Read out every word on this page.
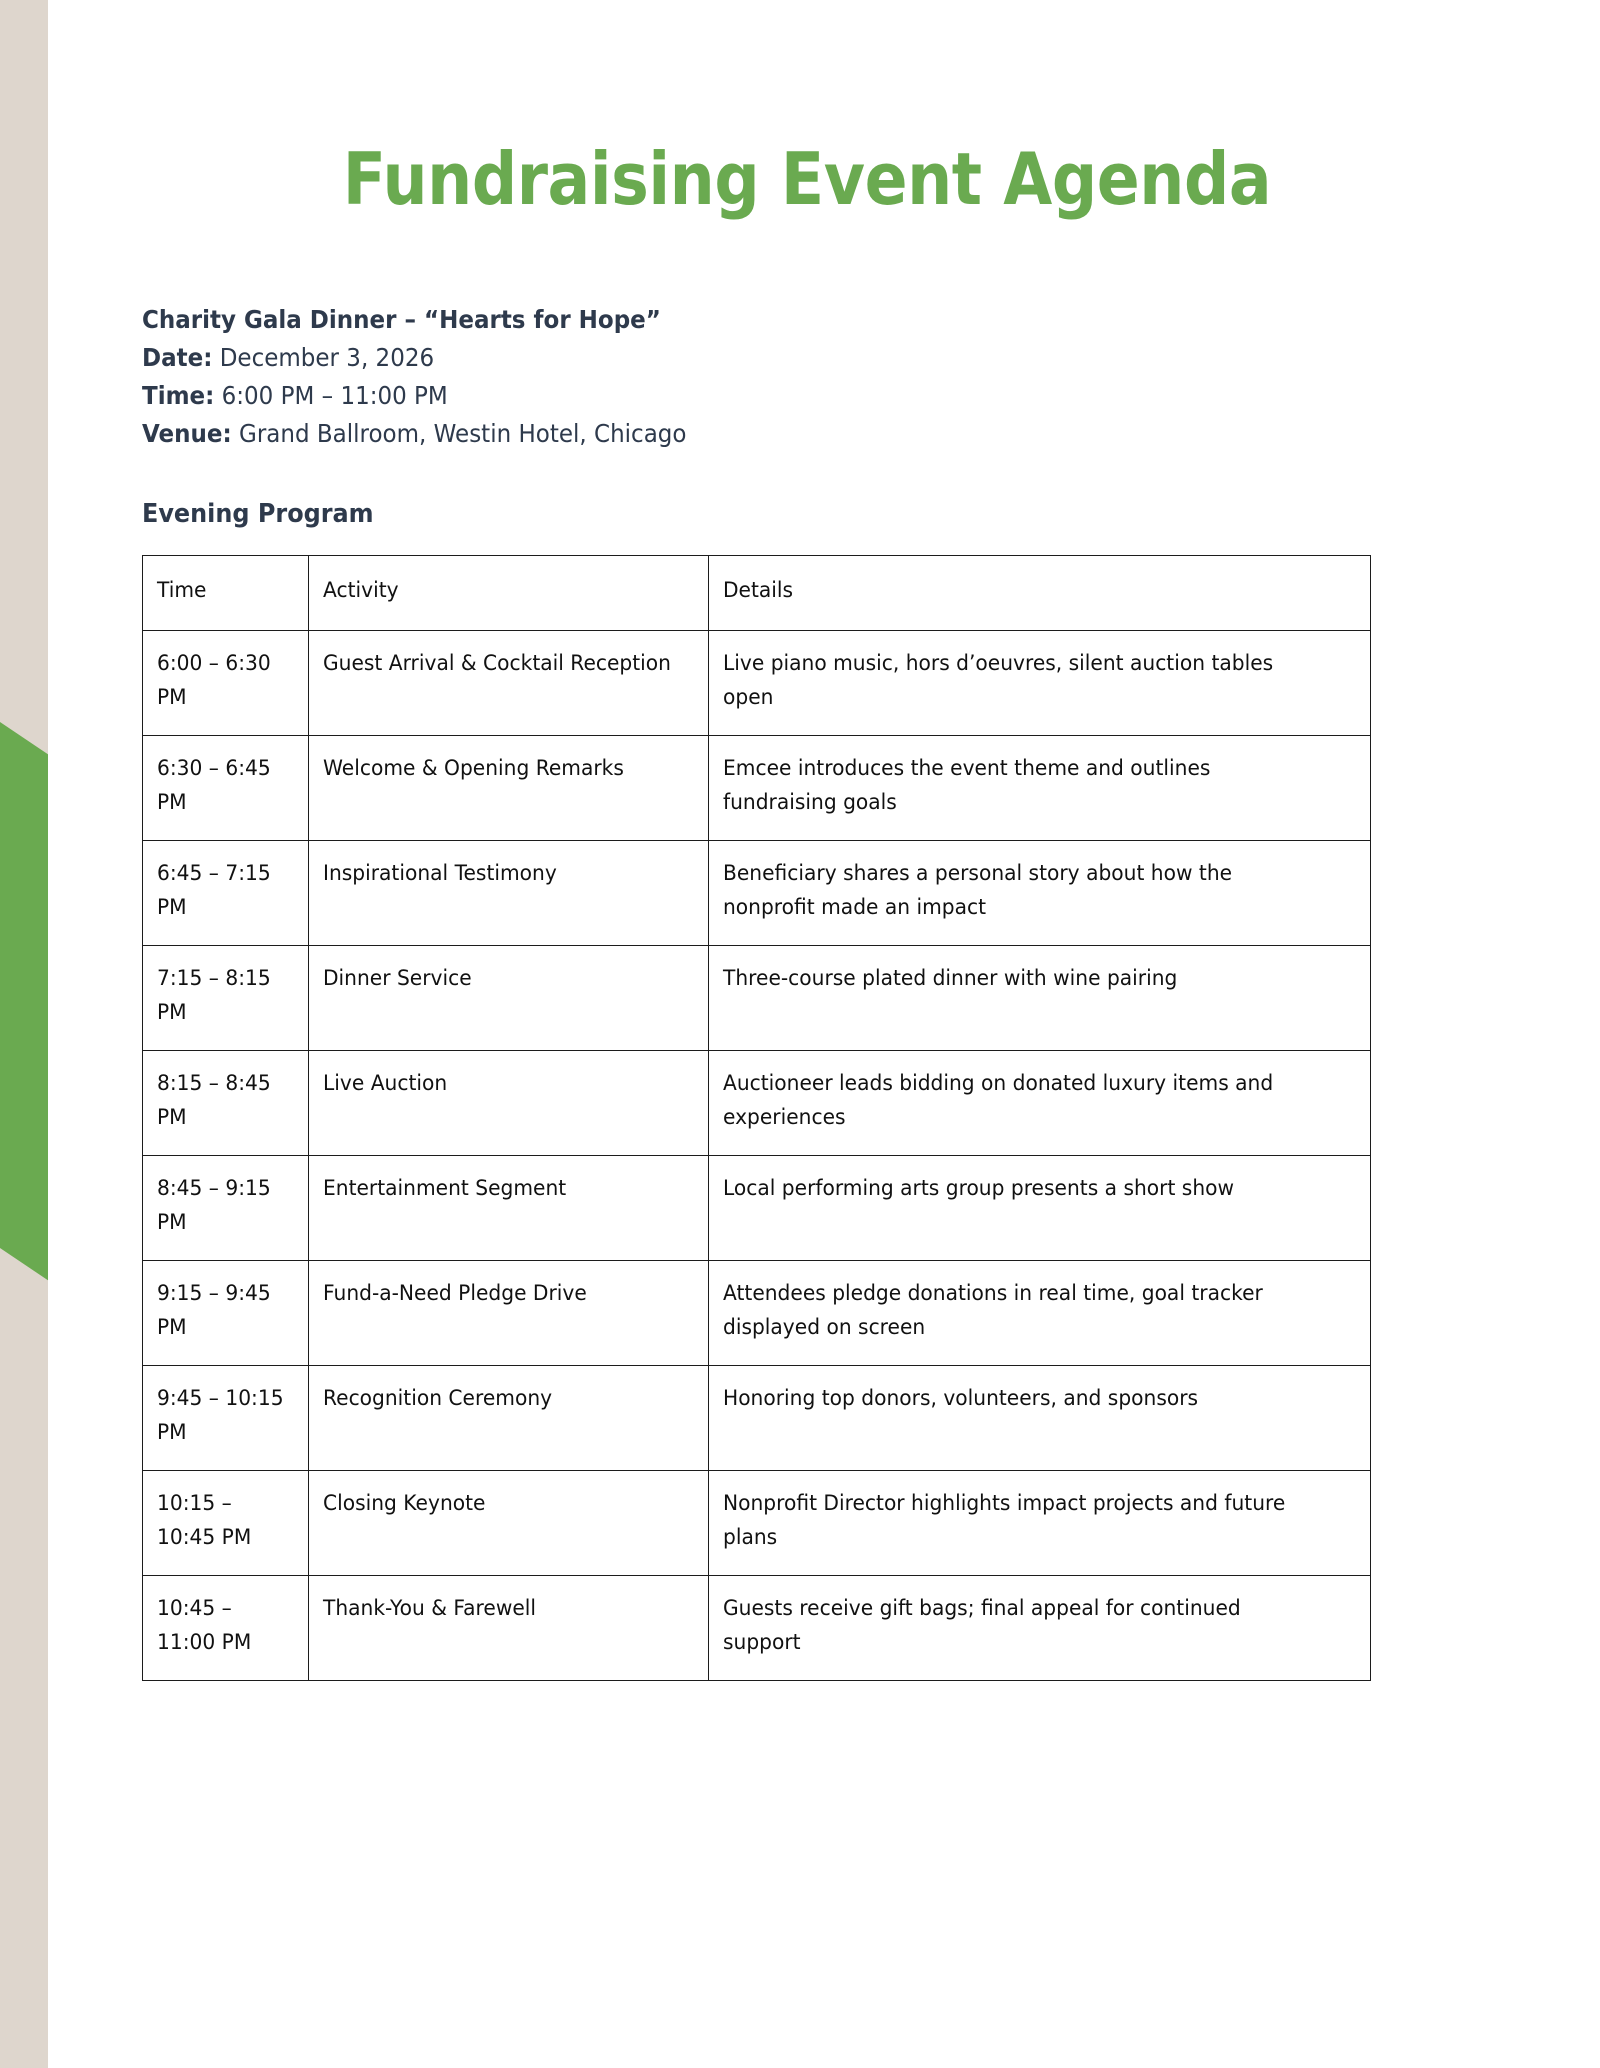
Fundraising Event Agenda
Charity Gala Dinner – “Hearts for Hope”
Date: December 3, 2026
Time: 6:00 PM – 11:00 PM
Venue: Grand Ballroom, Westin Hotel, Chicago
Evening Program
Time	Activity	Details

6:00 – 6:30 PM	Guest Arrival & Cocktail Reception	Live piano music, hors d’oeuvres, silent auction tables open

6:30 – 6:45 PM	Welcome & Opening Remarks	Emcee introduces the event theme and outlines fundraising goals

6:45 – 7:15 PM	Inspirational Testimony	Beneficiary shares a personal story about how the nonprofit made an impact

7:15 – 8:15 PM	Dinner Service	Three-course plated dinner with wine pairing

8:15 – 8:45 PM	Live Auction	Auctioneer leads bidding on donated luxury items and experiences

8:45 – 9:15 PM	Entertainment Segment	Local performing arts group presents a short show

9:15 – 9:45 PM	Fund-a-Need Pledge Drive	Attendees pledge donations in real time, goal tracker displayed on screen

9:45 – 10:15 PM	Recognition Ceremony	Honoring top donors, volunteers, and sponsors

10:15 – 10:45 PM	Closing Keynote	Nonprofit Director highlights impact projects and future plans

10:45 – 11:00 PM	Thank-You & Farewell	Guests receive gift bags; final appeal for continued support
